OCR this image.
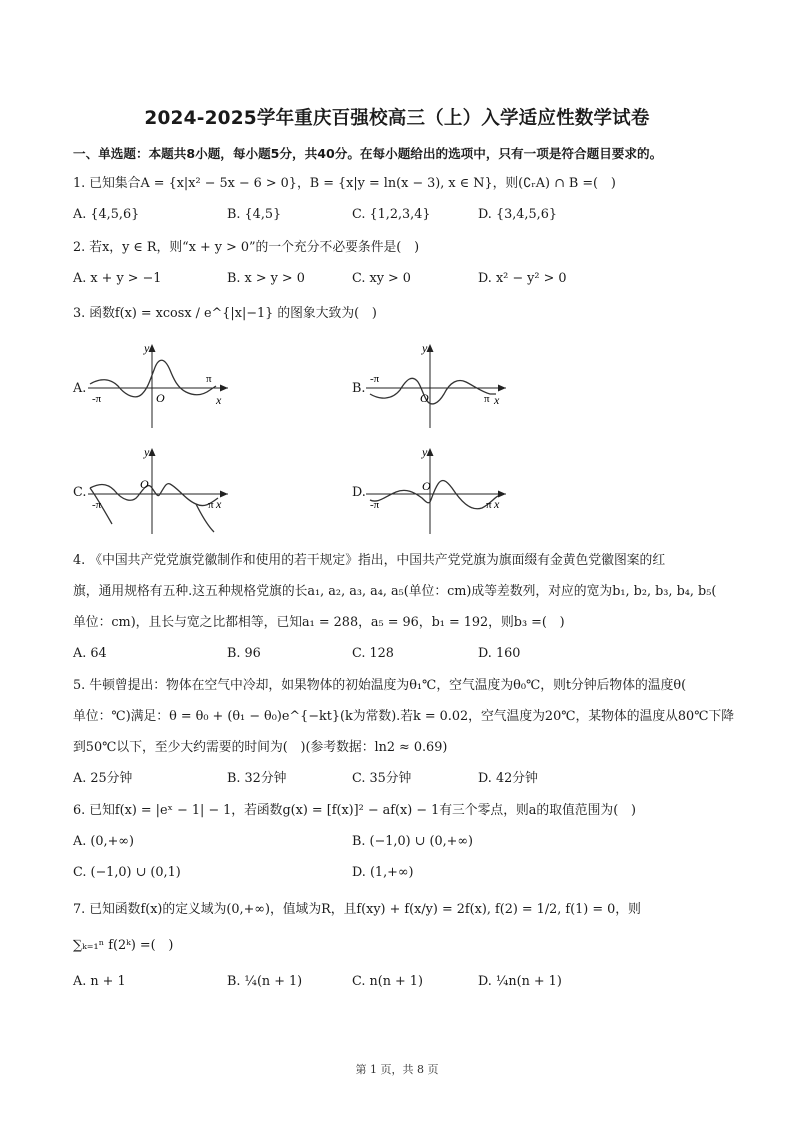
2024-2025学年重庆百强校高三（上）入学适应性数学试卷
一、单选题：本题共8小题，每小题5分，共40分。在每小题给出的选项中，只有一项是符合题目要求的。
1. 已知集合A = {x|x² − 5x − 6 > 0}，B = {x|y = ln(x − 3), x ∈ N}，则(∁ᵣA) ∩ B =(　)
A. {4,5,6}	B. {4,5}	C. {1,2,3,4}	D. {3,4,5,6}
2. 若x，y ∈ R，则“x + y > 0”的一个充分不必要条件是(　)
A. x + y > −1	B. x > y > 0	C. xy > 0	D. x² − y² > 0
3. 函数f(x) = xcosx / e^{|x|−1} 的图象大致为(　)
A.	B.
C.	D.
y
x
O
π
-π
y
x
O	π
-π
y
x
O
π
-π
y
x
O
π
-π
4. 《中国共产党党旗党徽制作和使用的若干规定》指出，中国共产党党旗为旗面缀有金黄色党徽图案的红
旗，通用规格有五种.这五种规格党旗的长a₁, a₂, a₃, a₄, a₅(单位：cm)成等差数列，对应的宽为b₁, b₂, b₃, b₄, b₅(
单位：cm)，且长与宽之比都相等，已知a₁ = 288，a₅ = 96，b₁ = 192，则b₃ =(　)
A. 64	B. 96	C. 128	D. 160
5. 牛顿曾提出：物体在空气中冷却，如果物体的初始温度为θ₁℃，空气温度为θ₀℃，则t分钟后物体的温度θ(
单位：℃)满足：θ = θ₀ + (θ₁ − θ₀)e^{−kt}(k为常数).若k = 0.02，空气温度为20℃，某物体的温度从80℃下降
到50℃以下，至少大约需要的时间为(　)(参考数据：ln2 ≈ 0.69)
A. 25分钟	B. 32分钟	C. 35分钟	D. 42分钟
6. 已知f(x) = |eˣ − 1| − 1，若函数g(x) = [f(x)]² − af(x) − 1有三个零点，则a的取值范围为(　)
A. (0,+∞)	B. (−1,0) ∪ (0,+∞)
C. (−1,0) ∪ (0,1)	D. (1,+∞)
7. 已知函数f(x)的定义域为(0,+∞)，值域为R，且f(xy) + f(x/y) = 2f(x), f(2) = 1/2, f(1) = 0，则
∑ₖ₌₁ⁿ f(2ᵏ) =(　)
A. n + 1	B. ¼(n + 1)	C. n(n + 1)	D. ¼n(n + 1)
第 1 页，共 8 页
